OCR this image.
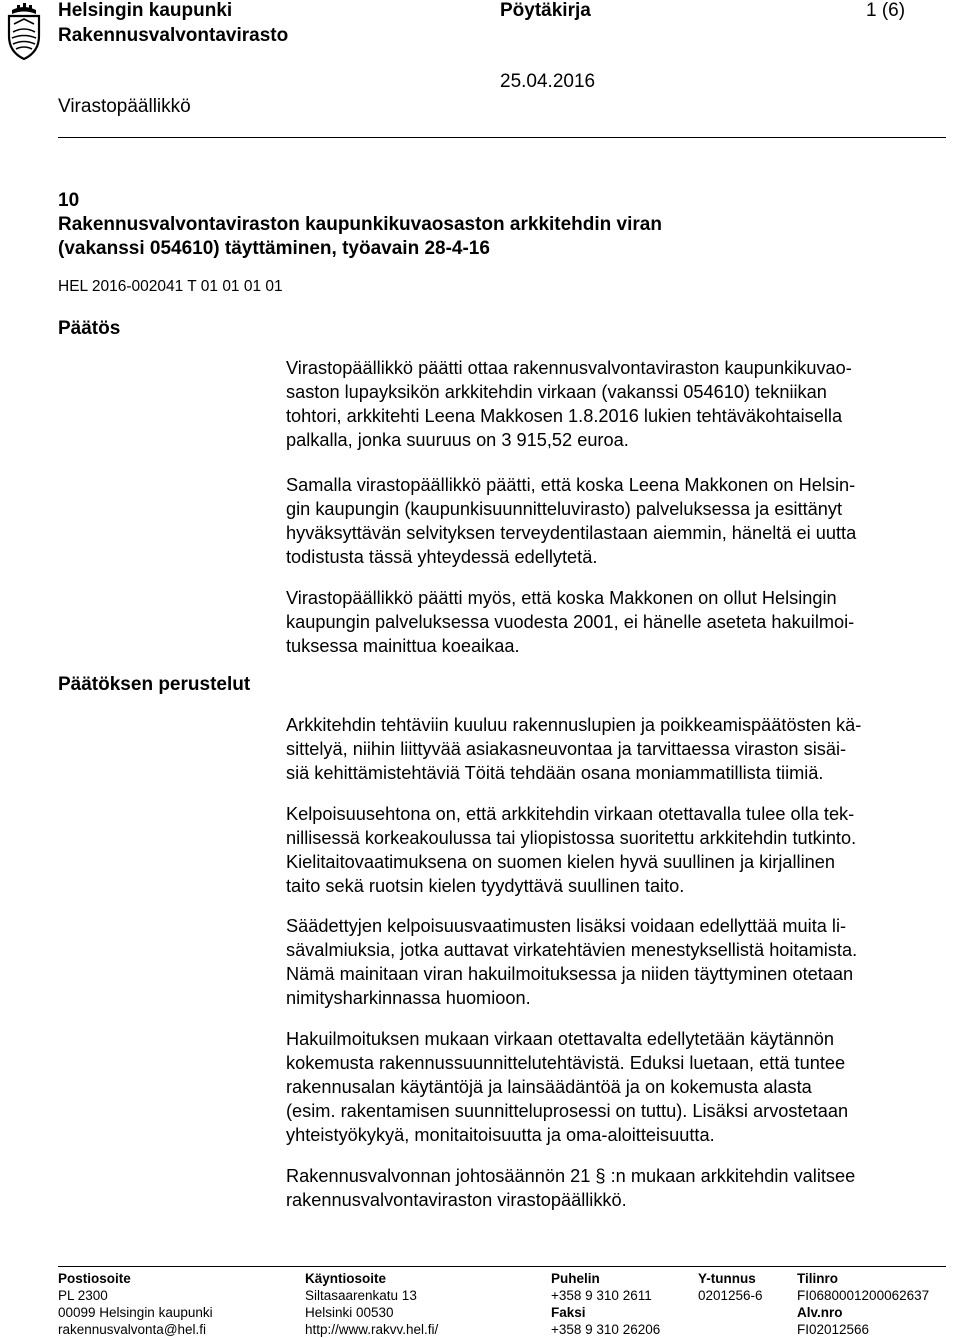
Helsingin kaupunki
Rakennusvalvontavirasto
Pöytäkirja	1 (6)
25.04.2016
Virastopäällikkö
10
Rakennusvalvontaviraston kaupunkikuvaosaston arkkitehdin viran
(vakanssi 054610) täyttäminen, työavain 28-4-16
HEL 2016-002041 T 01 01 01 01
Päätös

Virastopäällikkö päätti ottaa rakennusvalvontaviraston kaupunkikuvao-

saston lupayksikön arkkitehdin virkaan (vakanssi 054610) tekniikan

tohtori, arkkitehti Leena Makkosen 1.8.2016 lukien tehtäväkohtaisella

palkalla, jonka suuruus on 3 915,52 euroa.

Samalla virastopäällikkö päätti, että koska Leena Makkonen on Helsin-

gin kaupungin (kaupunkisuunnitteluvirasto) palveluksessa ja esittänyt

hyväksyttävän selvityksen terveydentilastaan aiemmin, häneltä ei uutta

todistusta tässä yhteydessä edellytetä.

Virastopäällikkö päätti myös, että koska Makkonen on ollut Helsingin

kaupungin palveluksessa vuodesta 2001, ei hänelle aseteta hakuilmoi-

tuksessa mainittua koeaikaa.

Päätöksen perustelut

Arkkitehdin tehtäviin kuuluu rakennuslupien ja poikkeamispäätösten kä-

sittelyä, niihin liittyvää asiakasneuvontaa ja tarvittaessa viraston sisäi-

siä kehittämistehtäviä Töitä tehdään osana moniammatillista tiimiä.

Kelpoisuusehtona on, että arkkitehdin virkaan otettavalla tulee olla tek-

nillisessä korkeakoulussa tai yliopistossa suoritettu arkkitehdin tutkinto.

Kielitaitovaatimuksena on suomen kielen hyvä suullinen ja kirjallinen

taito sekä ruotsin kielen tyydyttävä suullinen taito.

Säädettyjen kelpoisuusvaatimusten lisäksi voidaan edellyttää muita li-

sävalmiuksia, jotka auttavat virkatehtävien menestyksellistä hoitamista.

Nämä mainitaan viran hakuilmoituksessa ja niiden täyttyminen otetaan

nimitysharkinnassa huomioon.

Hakuilmoituksen mukaan virkaan otettavalta edellytetään käytännön

kokemusta rakennussuunnittelutehtävistä. Eduksi luetaan, että tuntee

rakennusalan käytäntöjä ja lainsäädäntöä ja on kokemusta alasta

(esim. rakentamisen suunnitteluprosessi on tuttu). Lisäksi arvostetaan

yhteistyökykyä, monitaitoisuutta ja oma-aloitteisuutta.

Rakennusvalvonnan johtosäännön 21 § :n mukaan arkkitehdin valitsee

rakennusvalvontaviraston virastopäällikkö.

Postiosoite
PL 2300
00099 Helsingin kaupunki
rakennusvalvonta@hel.fi
Käyntiosoite
Siltasaarenkatu 13
Helsinki 00530
http://www.rakvv.hel.fi/
Puhelin
+358 9 310 2611
Faksi
+358 9 310 26206
Y-tunnus
0201256-6
Tilinro
FI0680001200062637
Alv.nro
FI02012566
